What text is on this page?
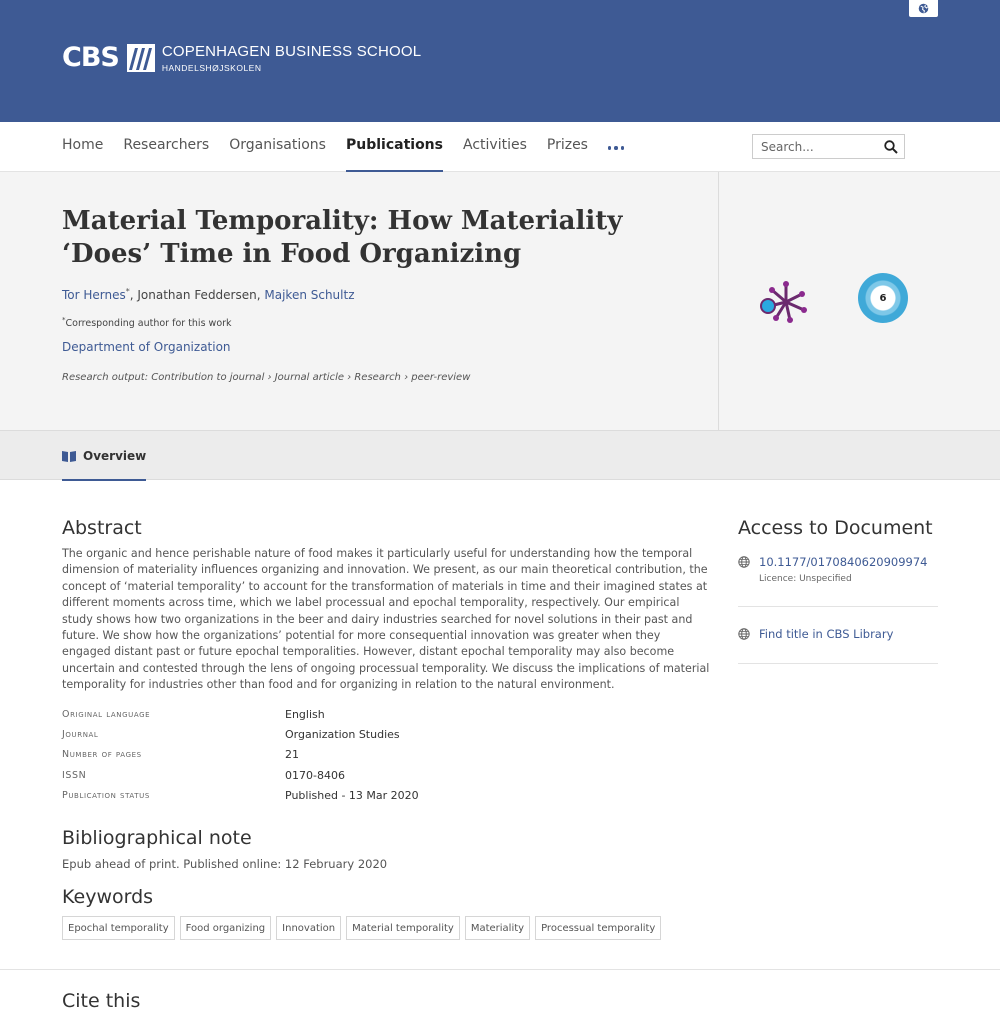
CBS	COPENHAGEN BUSINESS SCHOOL
HANDELSHØJSKOLEN
Home Researchers Organisations Publications Activities Prizes
Search...
Material Temporality: How Materiality ‘Does’ Time in Food Organizing
Tor Hernes*, Jonathan Feddersen, Majken Schultz
*Corresponding author for this work
Department of Organization
Research output: Contribution to journal › Journal article › Research › peer-review
6
Overview
Abstract

The organic and hence perishable nature of food makes it particularly useful for understanding how the temporal dimension of materiality influences organizing and innovation. We present, as our main theoretical contribution, the concept of ‘material temporality’ to account for the transformation of materials in time and their imagined states at different moments across time, which we label processual and epochal temporality, respectively. Our empirical study shows how two organizations in the beer and dairy industries searched for novel solutions in their past and future. We show how the organizations’ potential for more consequential innovation was greater when they engaged distant past or future epochal temporalities. However, distant epochal temporality may also become uncertain and contested through the lens of ongoing processual temporality. We discuss the implications of material temporality for industries other than food and for organizing in relation to the natural environment.

Original language	English
Journal	Organization Studies
Number of pages	21
ISSN	0170-8406
Publication status	Published - 13 Mar 2020
Bibliographical note

Epub ahead of print. Published online: 12 February 2020

Keywords
Epochal temporality	Food organizing	Innovation	Material temporality	Materiality	Processual temporality
Cite this
Access to Document
10.1177/0170840620909974
Licence: Unspecified
Find title in CBS Library
